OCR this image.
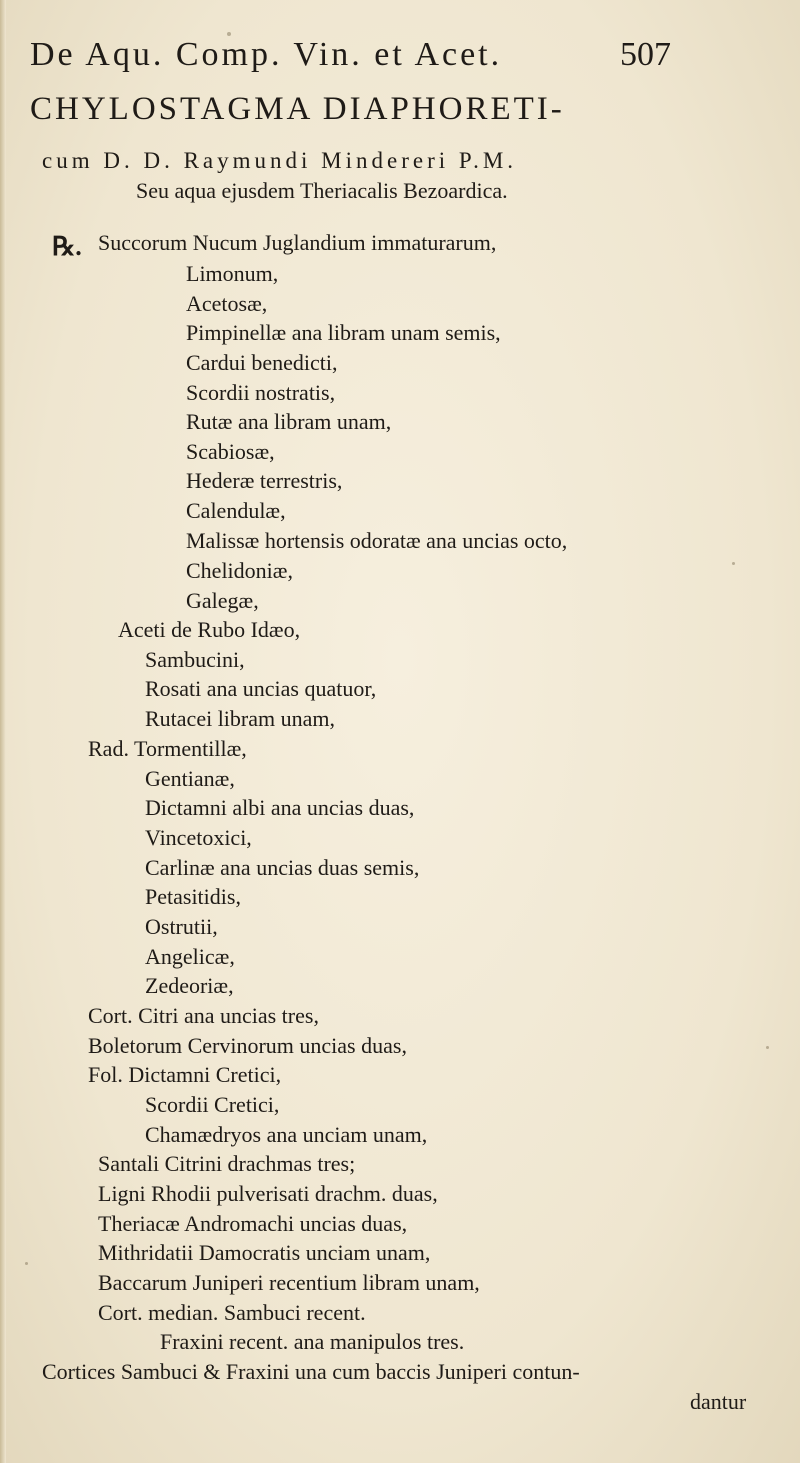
De Aqu. Comp. Vin. et Acet.	507
CHYLOSTAGMA DIAPHORETI-
cum D. D. Raymundi Mindereri P.M.
Seu aqua ejusdem Theriacalis Bezoardica.
℞. Succorum Nucum Juglandium immaturarum,
Limonum,
Acetosæ,
Pimpinellæ ana libram unam semis,
Cardui benedicti,
Scordii nostratis,
Rutæ ana libram unam,
Scabiosæ,
Hederæ terrestris,
Calendulæ,
Malissæ hortensis odoratæ ana uncias octo,
Chelidoniæ,
Galegæ,
Aceti de Rubo Idæo,
Sambucini,
Rosati ana uncias quatuor,
Rutacei libram unam,
Rad. Tormentillæ,
Gentianæ,
Dictamni albi ana uncias duas,
Vincetoxici,
Carlinæ ana uncias duas semis,
Petasitidis,
Ostrutii,
Angelicæ,
Zedeoriæ,
Cort. Citri ana uncias tres,
Boletorum Cervinorum uncias duas,
Fol. Dictamni Cretici,
Scordii Cretici,
Chamædryos ana unciam unam,
Santali Citrini drachmas tres;
Ligni Rhodii pulverisati drachm. duas,
Theriacæ Andromachi uncias duas,
Mithridatii Damocratis unciam unam,
Baccarum Juniperi recentium libram unam,
Cort. median. Sambuci recent.
Fraxini recent. ana manipulos tres.
Cortices Sambuci & Fraxini una cum baccis Juniperi contun-
dantur
